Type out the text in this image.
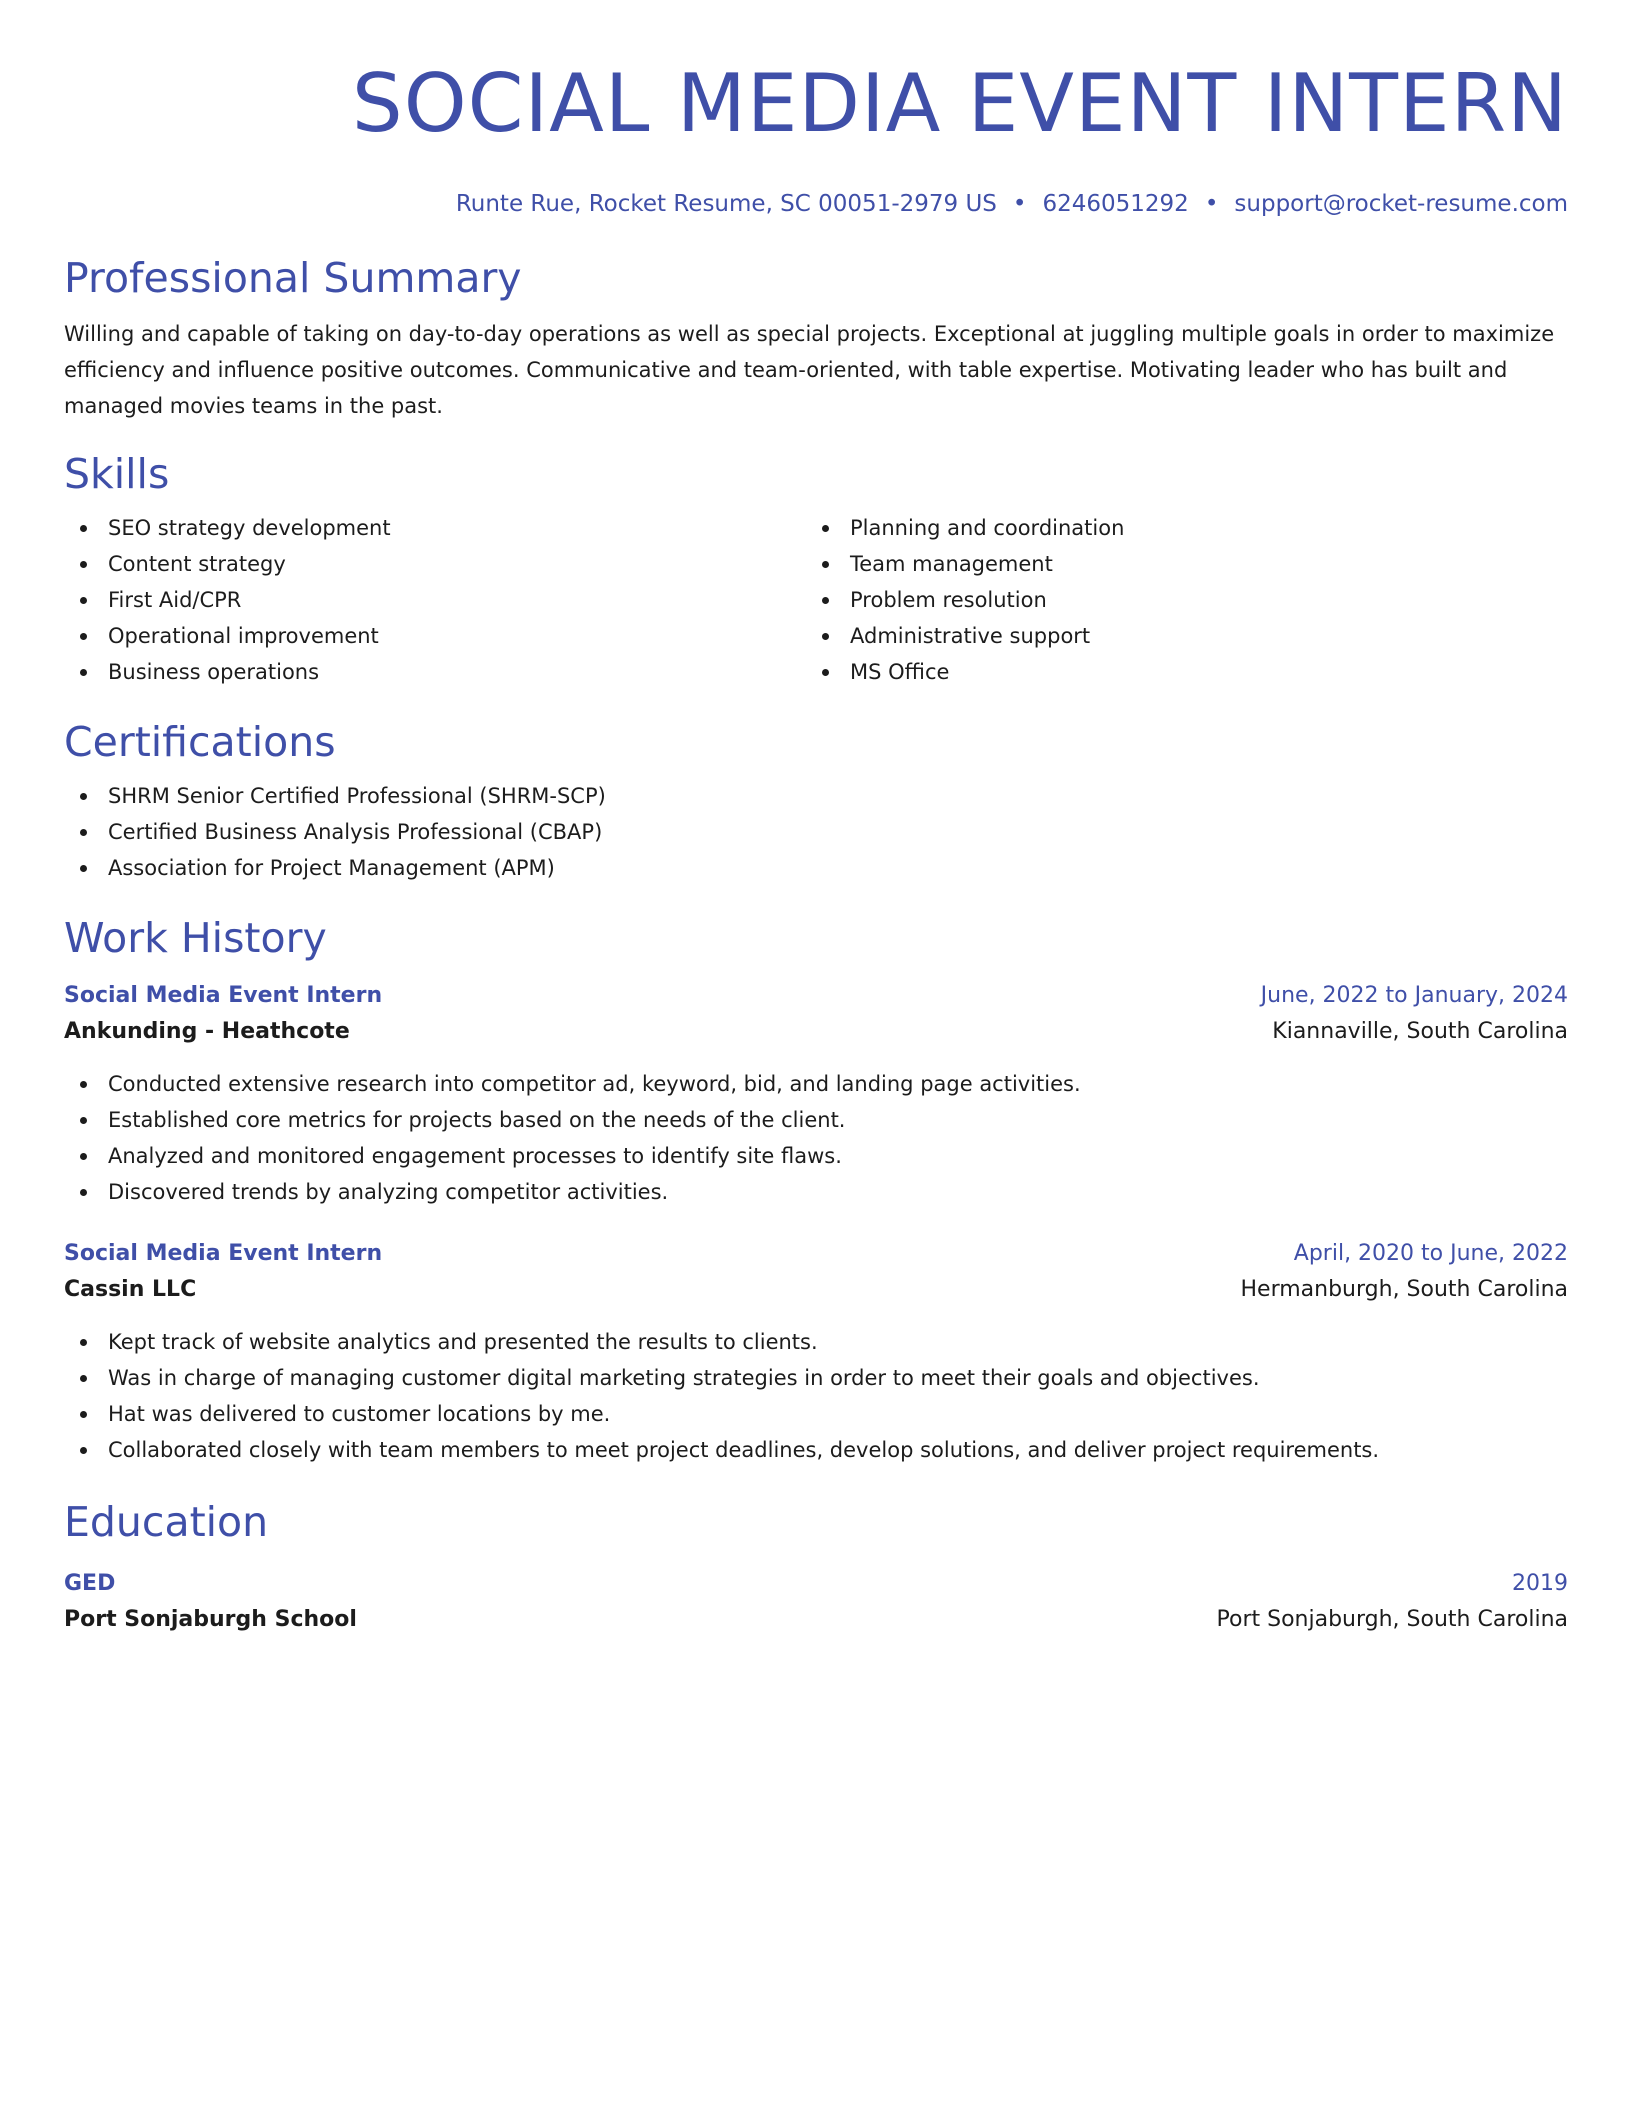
SOCIAL MEDIA EVENT INTERN
Runte Rue, Rocket Resume, SC 00051-2979 US • 6246051292 • support@rocket-resume.com
Professional Summary

Willing and capable of taking on day-to-day operations as well as special projects. Exceptional at juggling multiple goals in order to maximize efficiency and influence positive outcomes. Communicative and team-oriented, with table expertise. Motivating leader who has built and managed movies teams in the past.

Skills
SEO strategy development
Content strategy
First Aid/CPR
Operational improvement
Business operations
Planning and coordination
Team management
Problem resolution
Administrative support
MS Office
Certifications
SHRM Senior Certified Professional (SHRM-SCP)
Certified Business Analysis Professional (CBAP)
Association for Project Management (APM)
Work History
Social Media Event Intern	June, 2022 to January, 2024
Ankunding - Heathcote	Kiannaville, South Carolina
Conducted extensive research into competitor ad, keyword, bid, and landing page activities.
Established core metrics for projects based on the needs of the client.
Analyzed and monitored engagement processes to identify site flaws.
Discovered trends by analyzing competitor activities.
Social Media Event Intern	April, 2020 to June, 2022
Cassin LLC	Hermanburgh, South Carolina
Kept track of website analytics and presented the results to clients.
Was in charge of managing customer digital marketing strategies in order to meet their goals and objectives.
Hat was delivered to customer locations by me.
Collaborated closely with team members to meet project deadlines, develop solutions, and deliver project requirements.
Education
GED	2019
Port Sonjaburgh School	Port Sonjaburgh, South Carolina
